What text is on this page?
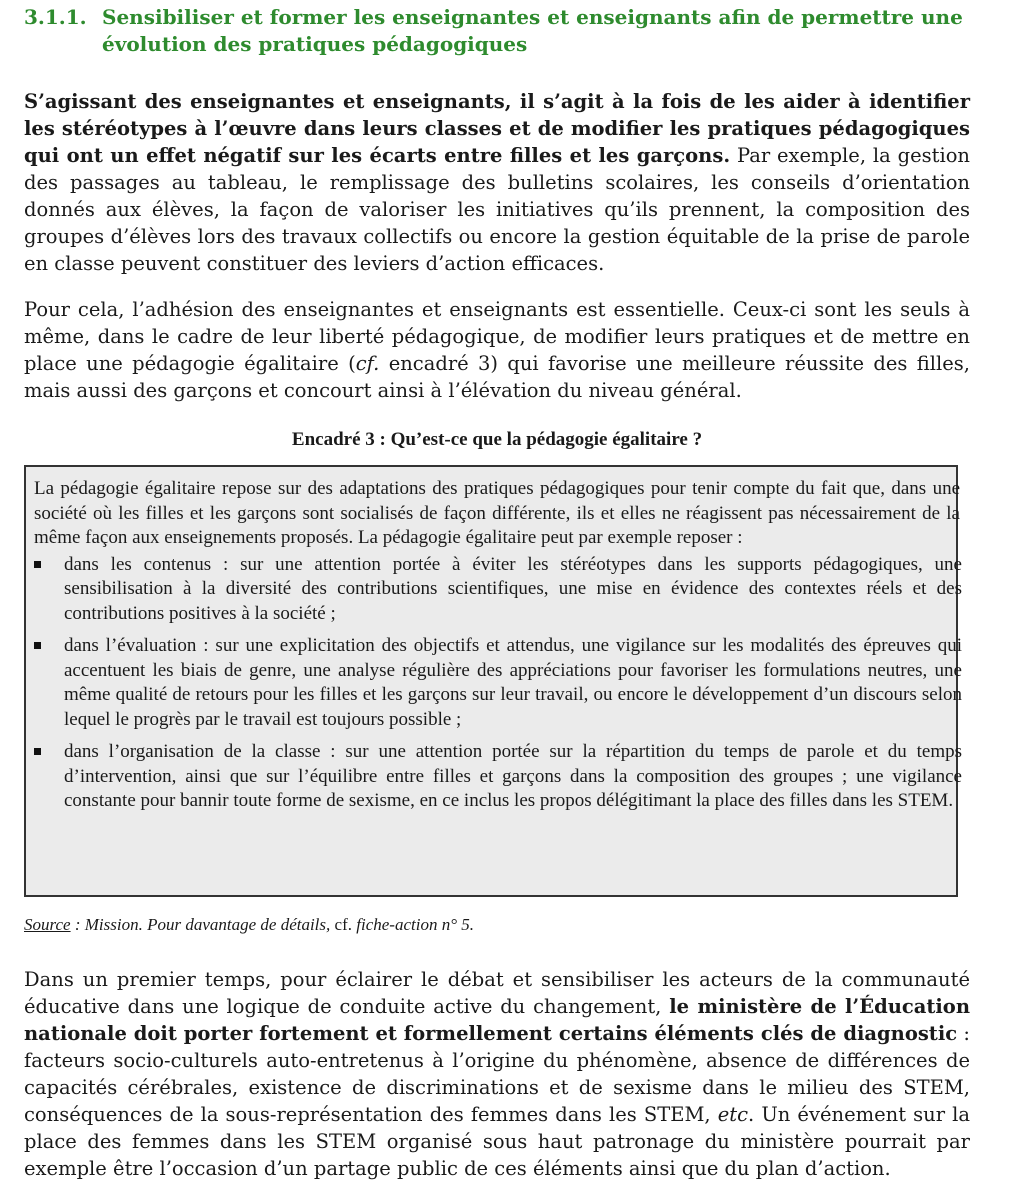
3.1.1. Sensibiliser et former les enseignantes et enseignants afin de permettre une évolution des pratiques pédagogiques

S’agissant des enseignantes et enseignants, il s’agit à la fois de les aider à identifier les stéréotypes à l’œuvre dans leurs classes et de modifier les pratiques pédagogiques qui ont un effet négatif sur les écarts entre filles et les garçons. Par exemple, la gestion des passages au tableau, le remplissage des bulletins scolaires, les conseils d’orientation donnés aux élèves, la façon de valoriser les initiatives qu’ils prennent, la composition des groupes d’élèves lors des travaux collectifs ou encore la gestion équitable de la prise de parole en classe peuvent constituer des leviers d’action efficaces.

Pour cela, l’adhésion des enseignantes et enseignants est essentielle. Ceux-ci sont les seuls à même, dans le cadre de leur liberté pédagogique, de modifier leurs pratiques et de mettre en place une pédagogie égalitaire (cf. encadré 3) qui favorise une meilleure réussite des filles, mais aussi des garçons et concourt ainsi à l’élévation du niveau général.

Encadré 3 : Qu’est-ce que la pédagogie égalitaire ?

La pédagogie égalitaire repose sur des adaptations des pratiques pédagogiques pour tenir compte du fait que, dans une société où les filles et les garçons sont socialisés de façon différente, ils et elles ne réagissent pas nécessairement de la même façon aux enseignements proposés. La pédagogie égalitaire peut par exemple reposer :

dans les contenus : sur une attention portée à éviter les stéréotypes dans les supports pédagogiques, une sensibilisation à la diversité des contributions scientifiques, une mise en évidence des contextes réels et des contributions positives à la société ;
dans l’évaluation : sur une explicitation des objectifs et attendus, une vigilance sur les modalités des épreuves qui accentuent les biais de genre, une analyse régulière des appréciations pour favoriser les formulations neutres, une même qualité de retours pour les filles et les garçons sur leur travail, ou encore le développement d’un discours selon lequel le progrès par le travail est toujours possible ;
dans l’organisation de la classe : sur une attention portée sur la répartition du temps de parole et du temps d’intervention, ainsi que sur l’équilibre entre filles et garçons dans la composition des groupes ; une vigilance constante pour bannir toute forme de sexisme, en ce inclus les propos délégitimant la place des filles dans les STEM.
Source : Mission. Pour davantage de détails, cf. fiche-action n° 5.

Dans un premier temps, pour éclairer le débat et sensibiliser les acteurs de la communauté éducative dans une logique de conduite active du changement, le ministère de l’Éducation nationale doit porter fortement et formellement certains éléments clés de diagnostic : facteurs socio-culturels auto-entretenus à l’origine du phénomène, absence de différences de capacités cérébrales, existence de discriminations et de sexisme dans le milieu des STEM, conséquences de la sous-représentation des femmes dans les STEM, etc. Un événement sur la place des femmes dans les STEM organisé sous haut patronage du ministère pourrait par exemple être l’occasion d’un partage public de ces éléments ainsi que du plan d’action.
